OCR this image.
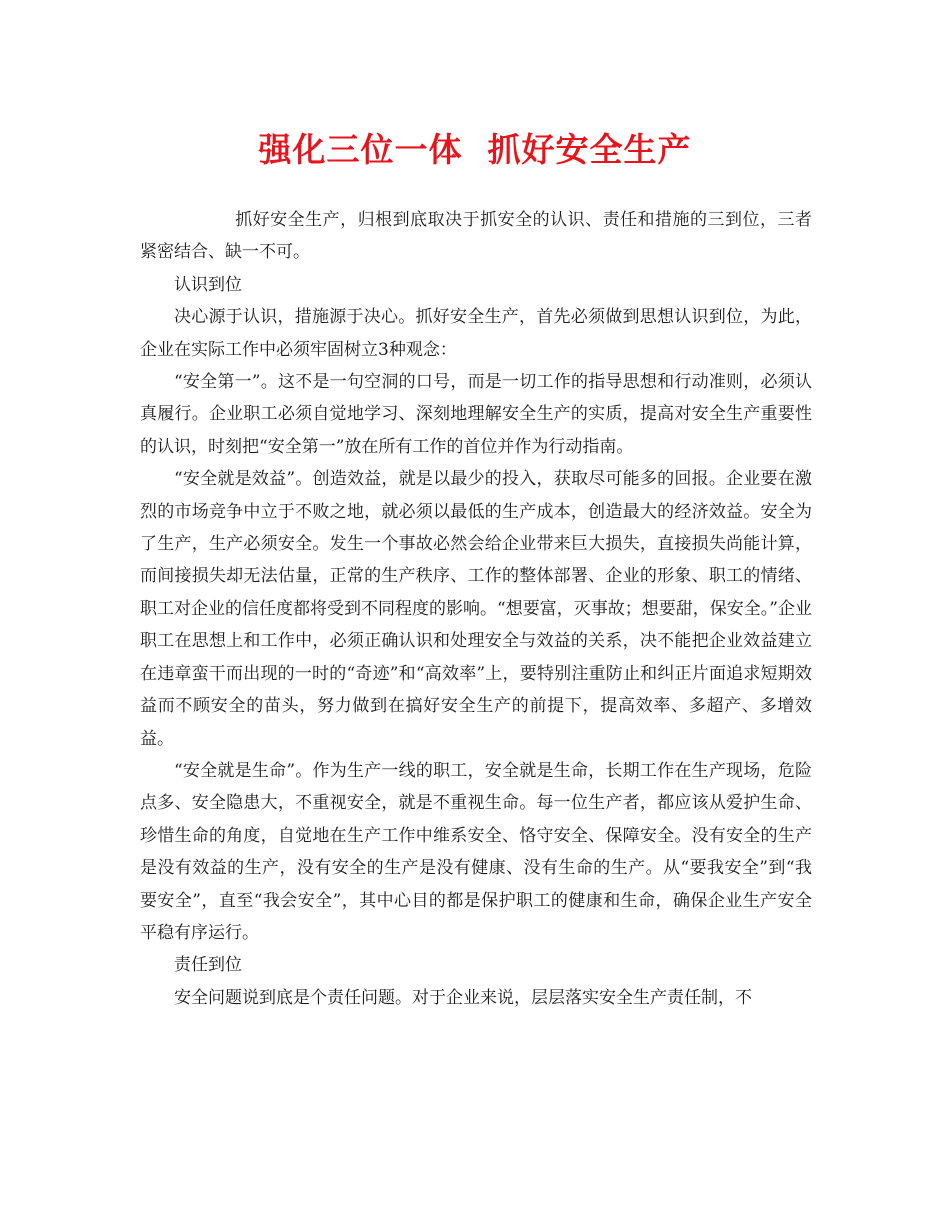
强化三位一体  抓好安全生产

抓好安全生产，归根到底取决于抓安全的认识、责任和措施的三到位，三者紧密结合、缺一不可。

认识到位

决心源于认识，措施源于决心。抓好安全生产，首先必须做到思想认识到位，为此，企业在实际工作中必须牢固树立3种观念：

“安全第一”。这不是一句空洞的口号，而是一切工作的指导思想和行动准则，必须认真履行。企业职工必须自觉地学习、深刻地理解安全生产的实质，提高对安全生产重要性的认识，时刻把“安全第一”放在所有工作的首位并作为行动指南。

“安全就是效益”。创造效益，就是以最少的投入，获取尽可能多的回报。企业要在激烈的市场竞争中立于不败之地，就必须以最低的生产成本，创造最大的经济效益。安全为了生产，生产必须安全。发生一个事故必然会给企业带来巨大损失，直接损失尚能计算，而间接损失却无法估量，正常的生产秩序、工作的整体部署、企业的形象、职工的情绪、职工对企业的信任度都将受到不同程度的影响。“想要富，灭事故；想要甜，保安全。”企业职工在思想上和工作中，必须正确认识和处理安全与效益的关系，决不能把企业效益建立在违章蛮干而出现的一时的“奇迹”和“高效率”上，要特别注重防止和纠正片面追求短期效益而不顾安全的苗头，努力做到在搞好安全生产的前提下，提高效率、多超产、多增效益。

“安全就是生命”。作为生产一线的职工，安全就是生命，长期工作在生产现场，危险点多、安全隐患大，不重视安全，就是不重视生命。每一位生产者，都应该从爱护生命、珍惜生命的角度，自觉地在生产工作中维系安全、恪守安全、保障安全。没有安全的生产是没有效益的生产，没有安全的生产是没有健康、没有生命的生产。从“要我安全”到“我要安全”，直至“我会安全”，其中心目的都是保护职工的健康和生命，确保企业生产安全平稳有序运行。

责任到位

安全问题说到底是个责任问题。对于企业来说，层层落实安全生产责任制，不
